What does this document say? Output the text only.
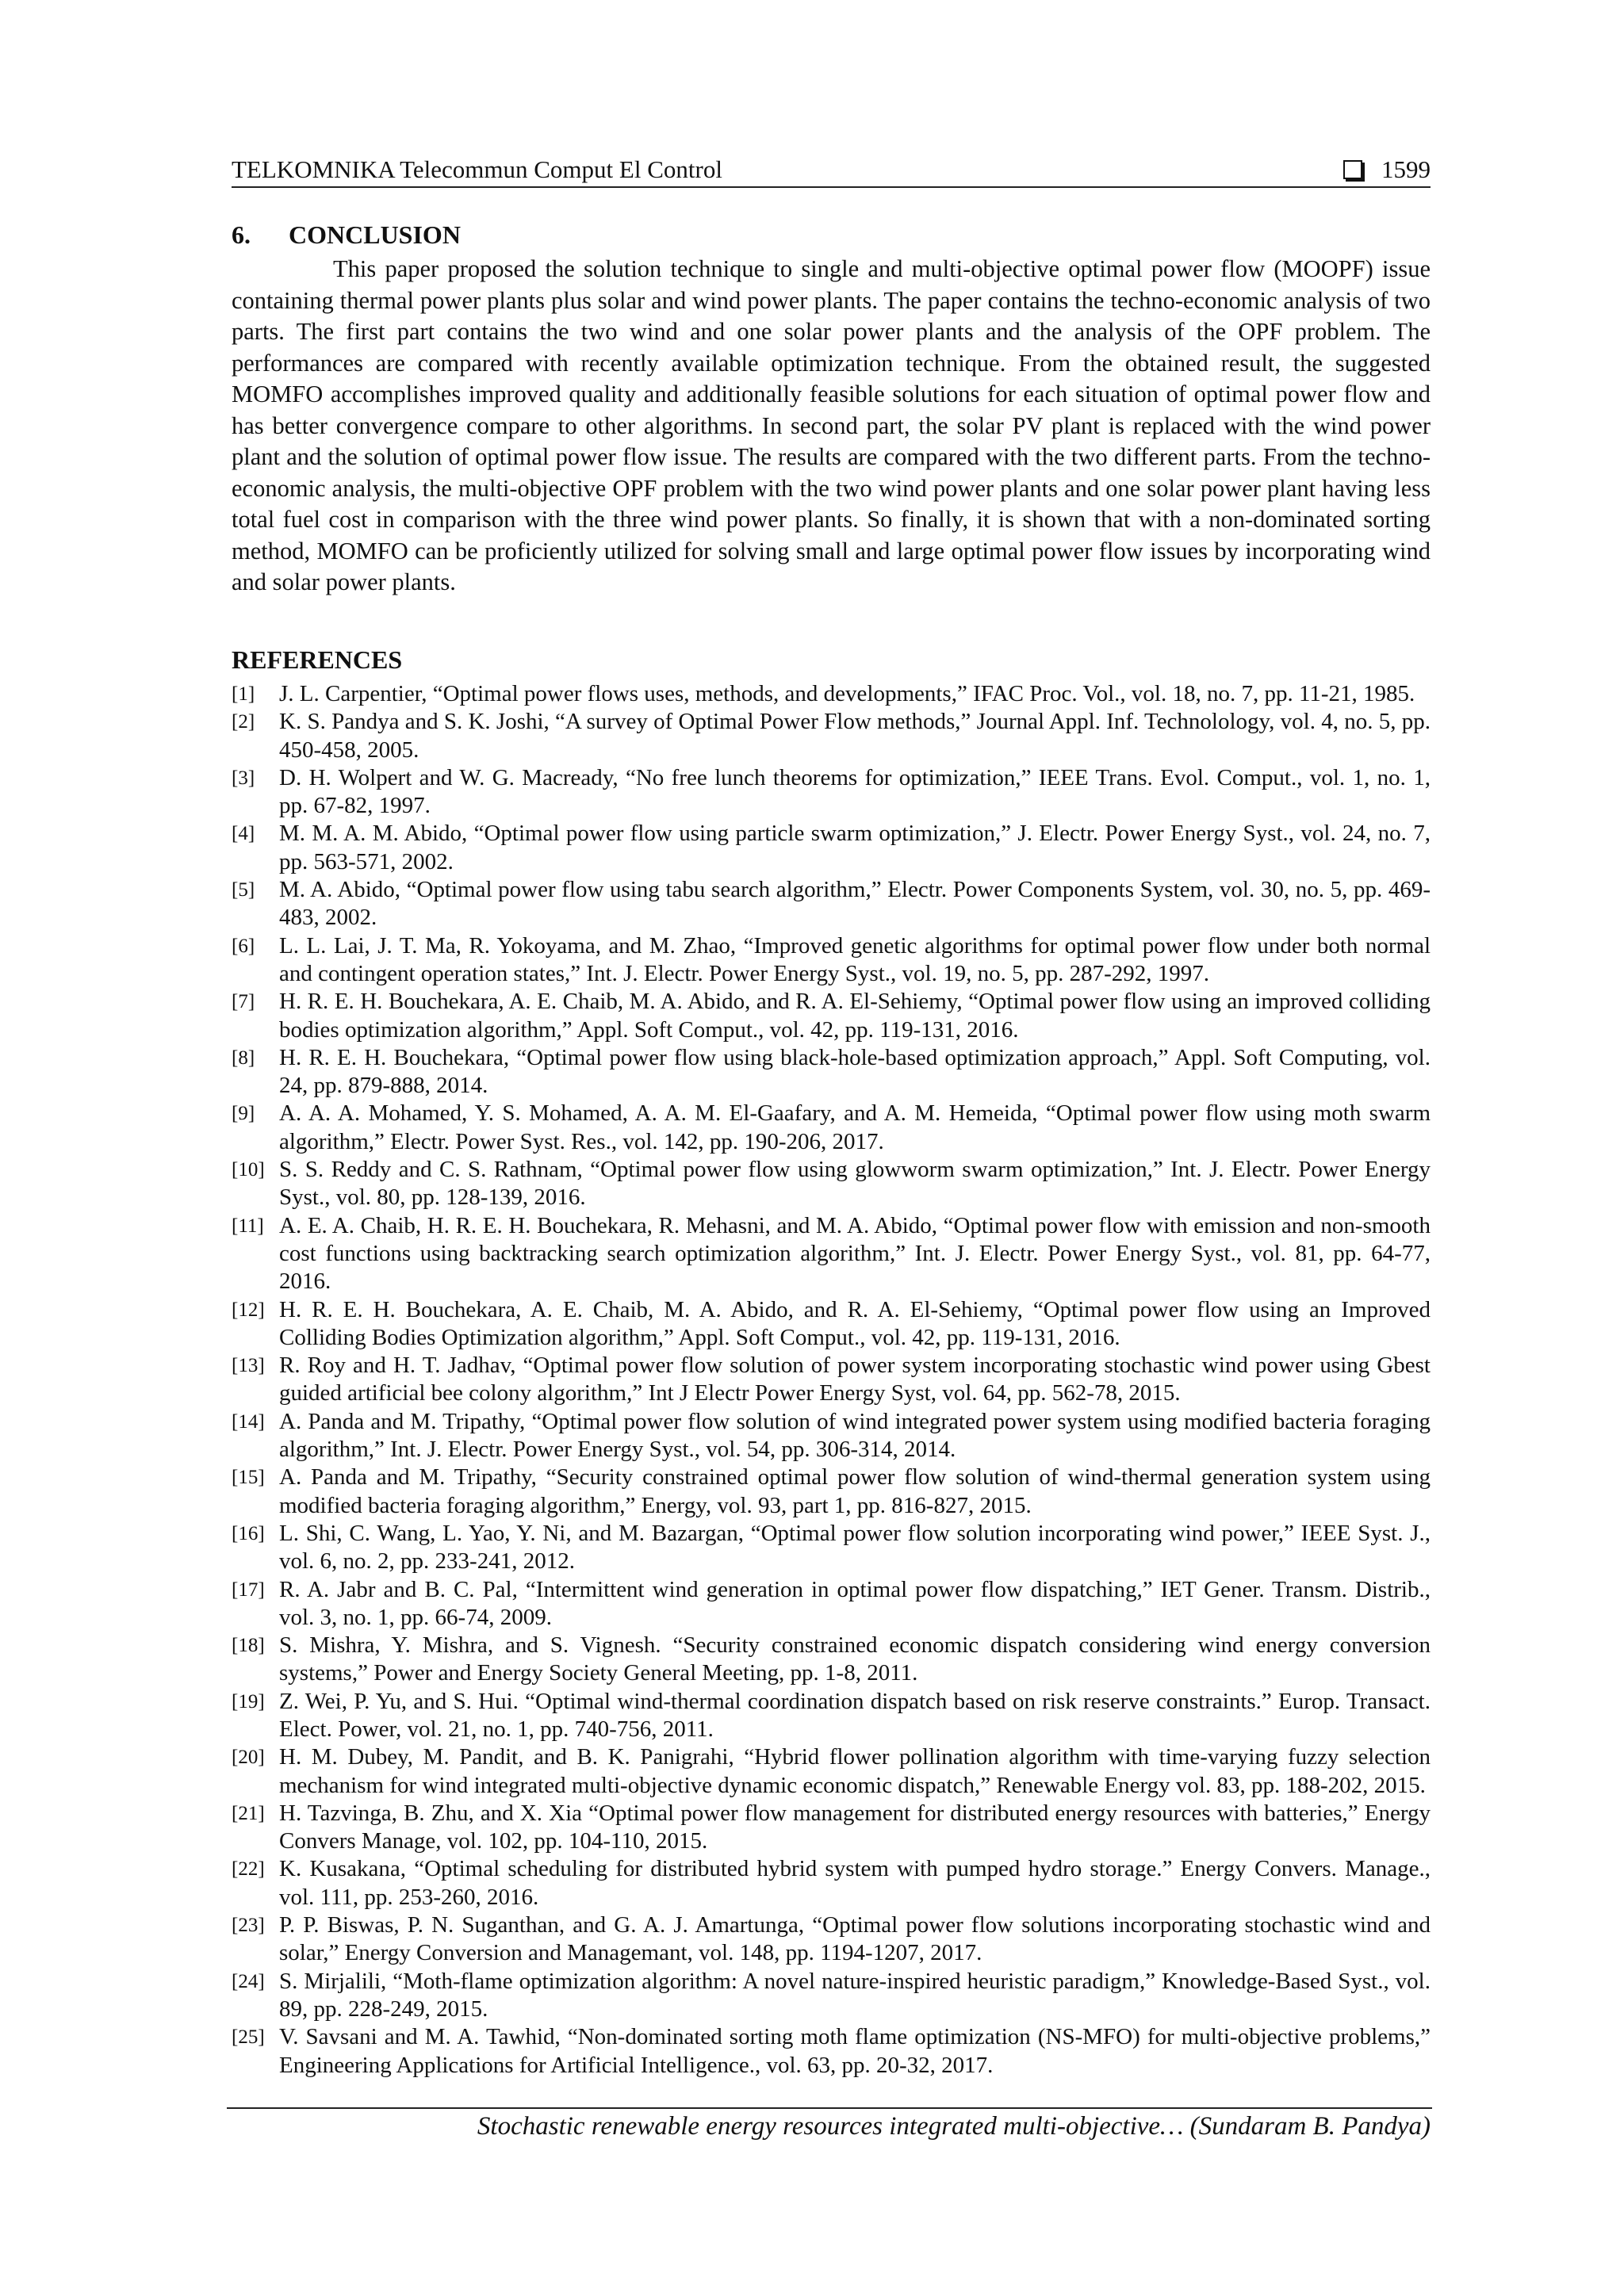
TELKOMNIKA Telecommun Comput El Control	1599
6. CONCLUSION

This paper proposed the solution technique to single and multi-objective optimal power flow (MOOPF) issue containing thermal power plants plus solar and wind power plants. The paper contains the techno-economic analysis of two parts. The first part contains the two wind and one solar power plants and the analysis of the OPF problem. The performances are compared with recently available optimization technique. From the obtained result, the suggested MOMFO accomplishes improved quality and additionally feasible solutions for each situation of optimal power flow and has better convergence compare to other algorithms. In second part, the solar PV plant is replaced with the wind power plant and the solution of optimal power flow issue. The results are compared with the two different parts. From the techno-economic analysis, the multi-objective OPF problem with the two wind power plants and one solar power plant having less total fuel cost in comparison with the three wind power plants. So finally, it is shown that with a non-dominated sorting method, MOMFO can be proficiently utilized for solving small and large optimal power flow issues by incorporating wind and solar power plants.

REFERENCES
[1]	J. L. Carpentier, “Optimal power flows uses, methods, and developments,” IFAC Proc. Vol., vol. 18, no. 7, pp. 11-21, 1985.
[2]	K. S. Pandya and S. K. Joshi, “A survey of Optimal Power Flow methods,” Journal Appl. Inf. Technolology, vol. 4, no. 5, pp. 450-458, 2005.
[3]	D. H. Wolpert and W. G. Macready, “No free lunch theorems for optimization,” IEEE Trans. Evol. Comput., vol. 1, no. 1, pp. 67-82, 1997.
[4]	M. M. A. M. Abido, “Optimal power flow using particle swarm optimization,” J. Electr. Power Energy Syst., vol. 24, no. 7, pp. 563-571, 2002.
[5]	M. A. Abido, “Optimal power flow using tabu search algorithm,” Electr. Power Components System, vol. 30, no. 5, pp. 469-483, 2002.
[6]	L. L. Lai, J. T. Ma, R. Yokoyama, and M. Zhao, “Improved genetic algorithms for optimal power flow under both normal and contingent operation states,” Int. J. Electr. Power Energy Syst., vol. 19, no. 5, pp. 287-292, 1997.
[7]	H. R. E. H. Bouchekara, A. E. Chaib, M. A. Abido, and R. A. El-Sehiemy, “Optimal power flow using an improved colliding bodies optimization algorithm,” Appl. Soft Comput., vol. 42, pp. 119-131, 2016.
[8]	H. R. E. H. Bouchekara, “Optimal power flow using black-hole-based optimization approach,” Appl. Soft Computing, vol. 24, pp. 879-888, 2014.
[9]	A. A. A. Mohamed, Y. S. Mohamed, A. A. M. El-Gaafary, and A. M. Hemeida, “Optimal power flow using moth swarm algorithm,” Electr. Power Syst. Res., vol. 142, pp. 190-206, 2017.
[10] S. S. Reddy and C. S. Rathnam, “Optimal power flow using glowworm swarm optimization,” Int. J. Electr. Power Energy Syst., vol. 80, pp. 128-139, 2016.
[11] A. E. A. Chaib, H. R. E. H. Bouchekara, R. Mehasni, and M. A. Abido, “Optimal power flow with emission and non-smooth cost functions using backtracking search optimization algorithm,” Int. J. Electr. Power Energy Syst., vol. 81, pp. 64-77, 2016.
[12] H. R. E. H. Bouchekara, A. E. Chaib, M. A. Abido, and R. A. El-Sehiemy, “Optimal power flow using an Improved Colliding Bodies Optimization algorithm,” Appl. Soft Comput., vol. 42, pp. 119-131, 2016.
[13] R. Roy and H. T. Jadhav, “Optimal power flow solution of power system incorporating stochastic wind power using Gbest guided artificial bee colony algorithm,” Int J Electr Power Energy Syst, vol. 64, pp. 562-78, 2015.
[14] A. Panda and M. Tripathy, “Optimal power flow solution of wind integrated power system using modified bacteria foraging algorithm,” Int. J. Electr. Power Energy Syst., vol. 54, pp. 306-314, 2014.
[15] A. Panda and M. Tripathy, “Security constrained optimal power flow solution of wind-thermal generation system using modified bacteria foraging algorithm,” Energy, vol. 93, part 1, pp. 816-827, 2015.
[16] L. Shi, C. Wang, L. Yao, Y. Ni, and M. Bazargan, “Optimal power flow solution incorporating wind power,” IEEE Syst. J., vol. 6, no. 2, pp. 233-241, 2012.
[17] R. A. Jabr and B. C. Pal, “Intermittent wind generation in optimal power flow dispatching,” IET Gener. Transm. Distrib., vol. 3, no. 1, pp. 66-74, 2009.
[18] S. Mishra, Y. Mishra, and S. Vignesh. “Security constrained economic dispatch considering wind energy conversion systems,” Power and Energy Society General Meeting, pp. 1-8, 2011.
[19] Z. Wei, P. Yu, and S. Hui. “Optimal wind-thermal coordination dispatch based on risk reserve constraints.” Europ. Transact. Elect. Power, vol. 21, no. 1, pp. 740-756, 2011.
[20] H. M. Dubey, M. Pandit, and B. K. Panigrahi, “Hybrid flower pollination algorithm with time-varying fuzzy selection mechanism for wind integrated multi-objective dynamic economic dispatch,” Renewable Energy vol. 83, pp. 188-202, 2015.
[21] H. Tazvinga, B. Zhu, and X. Xia “Optimal power flow management for distributed energy resources with batteries,” Energy Convers Manage, vol. 102, pp. 104-110, 2015.
[22] K. Kusakana, “Optimal scheduling for distributed hybrid system with pumped hydro storage.” Energy Convers. Manage., vol. 111, pp. 253-260, 2016.
[23] P. P. Biswas, P. N. Suganthan, and G. A. J. Amartunga, “Optimal power flow solutions incorporating stochastic wind and solar,” Energy Conversion and Managemant, vol. 148, pp. 1194-1207, 2017.
[24] S. Mirjalili, “Moth-flame optimization algorithm: A novel nature-inspired heuristic paradigm,” Knowledge-Based Syst., vol. 89, pp. 228-249, 2015.
[25] V. Savsani and M. A. Tawhid, “Non-dominated sorting moth flame optimization (NS-MFO) for multi-objective problems,” Engineering Applications for Artificial Intelligence., vol. 63, pp. 20-32, 2017.
Stochastic renewable energy resources integrated multi-objective… (Sundaram B. Pandya)
